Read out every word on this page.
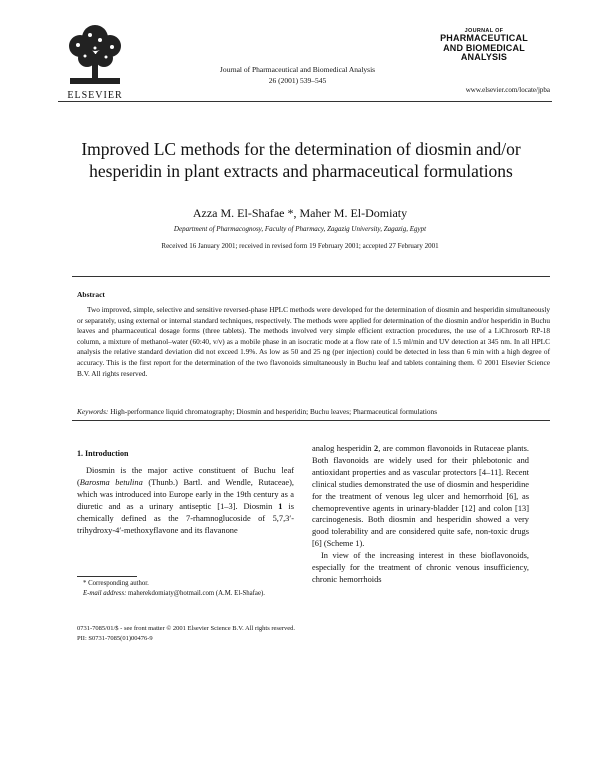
ELSEVIER
Journal of Pharmaceutical and Biomedical Analysis
26 (2001) 539–545
JOURNAL OF
PHARMACEUTICAL
AND BIOMEDICAL
ANALYSIS
www.elsevier.com/locate/jpba
Improved LC methods for the determination of diosmin and/or hesperidin in plant extracts and pharmaceutical formulations
Azza M. El-Shafae *, Maher M. El-Domiaty
Department of Pharmacognosy, Faculty of Pharmacy, Zagazig University, Zagazig, Egypt
Received 16 January 2001; received in revised form 19 February 2001; accepted 27 February 2001
Abstract
Two improved, simple, selective and sensitive reversed-phase HPLC methods were developed for the determination of diosmin and hesperidin simultaneously or separately, using external or internal standard techniques, respectively. The methods were applied for determination of the diosmin and/or hesperidin in Buchu leaves and pharmaceutical dosage forms (three tablets). The methods involved very simple efficient extraction procedures, the use of a LiChrosorb RP-18 column, a mixture of methanol–water (60:40, v/v) as a mobile phase in an isocratic mode at a flow rate of 1.5 ml/min and UV detection at 345 nm. In all HPLC analysis the relative standard deviation did not exceed 1.9%. As low as 50 and 25 ng (per injection) could be detected in less than 6 min with a high degree of accuracy. This is the first report for the determination of the two flavonoids simultaneously in Buchu leaf and tablets containing them. © 2001 Elsevier Science B.V. All rights reserved.
Keywords: High-performance liquid chromatography; Diosmin and hesperidin; Buchu leaves; Pharmaceutical formulations
1. Introduction
Diosmin is the major active constituent of Buchu leaf (Barosma betulina (Thunb.) Bartl. and Wendle, Rutaceae), which was introduced into Europe early in the 19th century as a diuretic and as a urinary antiseptic [1–3]. Diosmin 1 is chemically defined as the 7-rhamnoglucoside of 5,7,3′-trihydroxy-4′-methoxyflavone and its flavanone

analog hesperidin 2, are common flavonoids in Rutaceae plants. Both flavonoids are widely used for their phlebotonic and antioxidant properties and as vascular protectors [4–11]. Recent clinical studies demonstrated the use of diosmin and hesperidine for the treatment of venous leg ulcer and hemorrhoid [6], as chemopreventive agents in urinary-bladder [12] and colon [13] carcinogenesis. Both diosmin and hesperidin showed a very good tolerability and are considered quite safe, non-toxic drugs [6] (Scheme 1).

In view of the increasing interest in these bioflavonoids, especially for the treatment of chronic venous insufficiency, chronic hemorrhoids

* Corresponding author.
E-mail address: maherekdomiaty@hotmail.com (A.M. El-Shafae).
0731-7085/01/$ - see front matter © 2001 Elsevier Science B.V. All rights reserved.
PII: S0731-7085(01)00476-9
